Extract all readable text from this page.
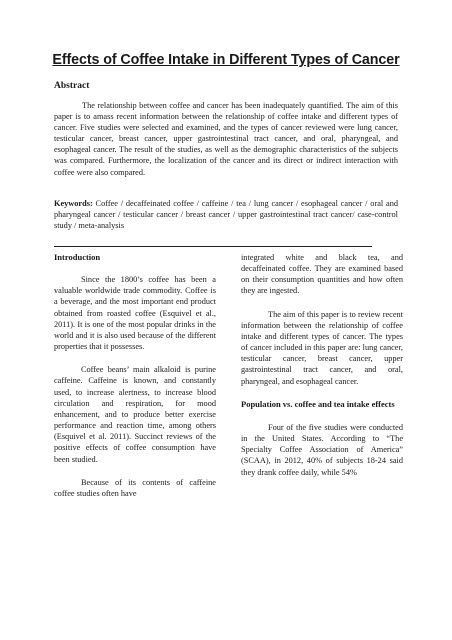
Effects of Coffee Intake in Different Types of Cancer
Abstract

The relationship between coffee and cancer has been inadequately quantified. The aim of this paper is to amass recent information between the relationship of coffee intake and different types of cancer. Five studies were selected and examined, and the types of cancer reviewed were lung cancer, testicular cancer, breast cancer, upper gastrointestinal tract cancer, and oral, pharyngeal, and esophageal cancer. The result of the studies, as well as the demographic characteristics of the subjects was compared. Furthermore, the localization of the cancer and its direct or indirect interaction with coffee were also compared.

Keywords: Coffee / decaffeinated coffee / caffeine / tea / lung cancer / esophageal cancer / oral and pharyngeal cancer / testicular cancer / breast cancer / upper gastrointestinal tract cancer/ case-control study / meta-analysis

Introduction

Since the 1800’s coffee has been a valuable worldwide trade commodity. Coffee is a beverage, and the most important end product obtained from roasted coffee (Esquivel et al., 2011). It is one of the most popular drinks in the world and it is also used because of the different properties that it possesses.

Coffee beans’ main alkaloid is purine caffeine. Caffeine is known, and constantly used, to increase alertness, to increase blood circulation and respiration, for mood enhancement, and to produce better exercise performance and reaction time, among others (Esquivel et al. 2011). Succinct reviews of the positive effects of coffee consumption have been studied.

Because of its contents of caffeine coffee studies often have

integrated white and black tea, and decaffeinated coffee. They are examined based on their consumption quantities and how often they are ingested.

The aim of this paper is to review recent information between the relationship of coffee intake and different types of cancer. The types of cancer included in this paper are: lung cancer, testicular cancer, breast cancer, upper gastrointestinal tract cancer, and oral, pharyngeal, and esophageal cancer.

Population vs. coffee and tea intake effects

Four of the five studies were conducted in the United States. According to “The Specialty Coffee Association of America” (SCAA), in 2012, 40% of subjects 18-24 said they drank coffee daily, while 54%
